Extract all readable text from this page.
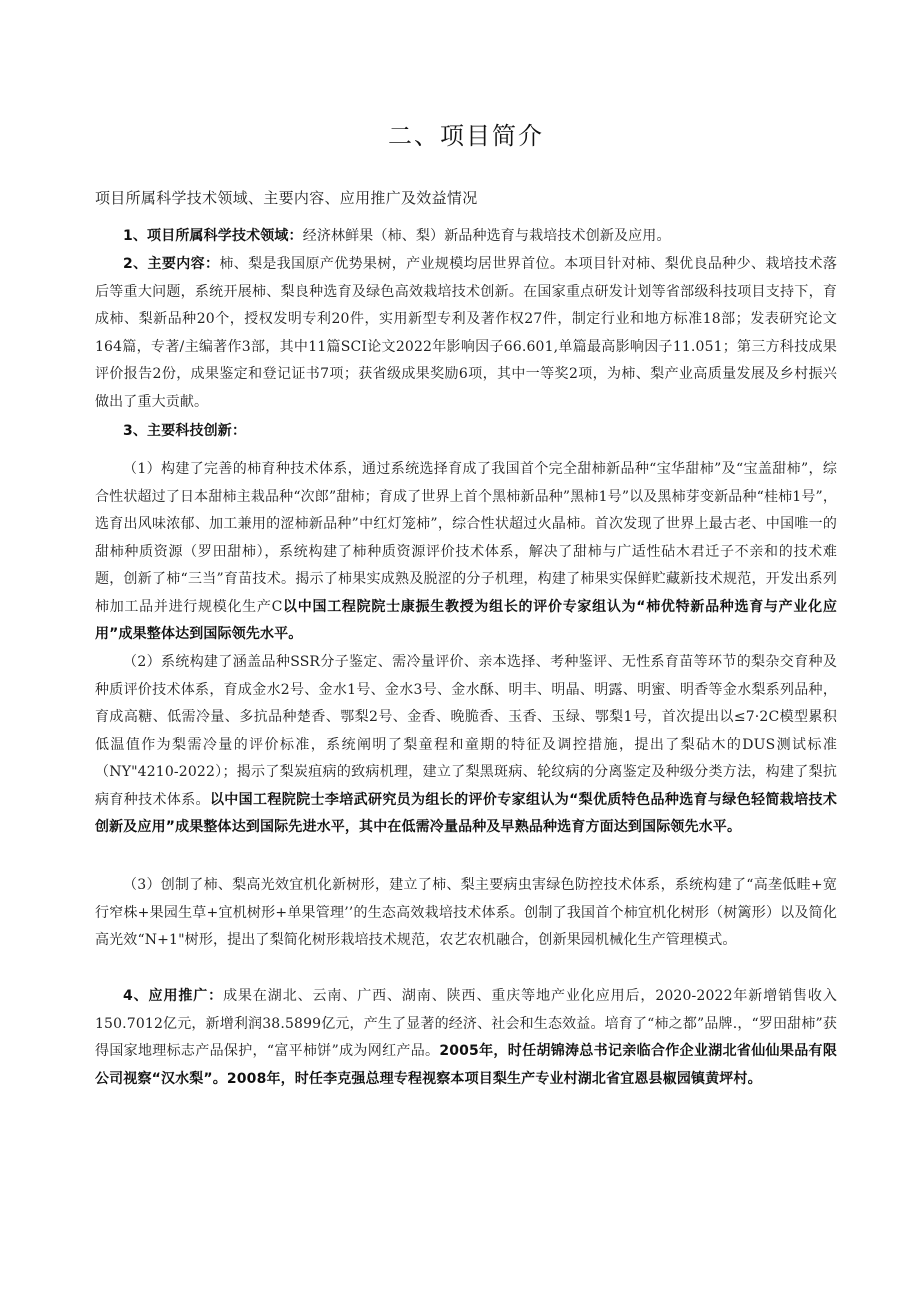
二、项目简介
项目所属科学技术领域、主要内容、应用推广及效益情况

1、项目所属科学技术领域：经济林鲜果（柿、梨）新品种选育与栽培技术创新及应用。

2、主要内容：柿、梨是我国原产优势果树，产业规模均居世界首位。本项目针对柿、梨优良品种少、栽培技术落后等重大问题，系统开展柿、梨良种选育及绿色高效栽培技术创新。在国家重点研发计划等省部级科技项目支持下，育成柿、梨新品种20个，授权发明专利20件，实用新型专利及著作权27件，制定行业和地方标准18部；发表研究论文164篇，专著/主编著作3部，其中11篇SCI论文2022年影响因子66.601,单篇最高影响因子11.051；第三方科技成果评价报告2份，成果鉴定和登记证书7项；获省级成果奖励6项，其中一等奖2项，为柿、梨产业高质量发展及乡村振兴做出了重大贡献。

3、主要科技创新：

（1）构建了完善的柿育种技术体系，通过系统选择育成了我国首个完全甜柿新品种“宝华甜柿”及“宝盖甜柿”，综合性状超过了日本甜柿主栽品种“次郎”甜柿；育成了世界上首个黑柿新品种”黑柿1号”以及黑柿芽变新品种“桂柿1号”，选育出风味浓郁、加工兼用的涩柿新品种”中红灯笼柿”，综合性状超过火晶柿。首次发现了世界上最古老、中国唯一的甜柿种质资源（罗田甜柿），系统构建了柿种质资源评价技术体系，解决了甜柿与广适性砧木君迁子不亲和的技术难题，创新了柿“三当”育苗技术。揭示了柿果实成熟及脱涩的分子机理，构建了柿果实保鲜贮藏新技术规范，开发出系列柿加工品并进行规模化生产C以中国工程院院士康振生教授为组长的评价专家组认为“柿优特新品种选育与产业化应用”成果整体达到国际领先水平。

（2）系统构建了涵盖品种SSR分子鉴定、需冷量评价、亲本选择、考种鉴评、无性系育苗等环节的梨杂交育种及种质评价技术体系，育成金水2号、金水1号、金水3号、金水酥、明丰、明晶、明露、明蜜、明香等金水梨系列品种，育成高糖、低需冷量、多抗品种楚香、鄂梨2号、金香、晚脆香、玉香、玉绿、鄂梨1号，首次提出以≤7·2C模型累积低温值作为梨需冷量的评价标准，系统阐明了梨童程和童期的特征及调控措施，提出了梨砧木的DUS测试标准（NY"4210-2022）；揭示了梨炭疽病的致病机理，建立了梨黑斑病、轮纹病的分离鉴定及种级分类方法，构建了梨抗病育种技术体系。以中国工程院院士李培武研究员为组长的评价专家组认为“梨优质特色品种选育与绿色轻简栽培技术创新及应用”成果整体达到国际先进水平，其中在低需冷量品种及早熟品种选育方面达到国际领先水平。

（3）创制了柿、梨高光效宜机化新树形，建立了柿、梨主要病虫害绿色防控技术体系，系统构建了“高垄低畦+宽行窄株+果园生草+宜机树形+单果管理’’的生态高效栽培技术体系。创制了我国首个柿宜机化树形（树篱形）以及简化高光效“N+1"树形，提出了梨简化树形栽培技术规范，农艺农机融合，创新果园机械化生产管理模式。

4、应用推广：成果在湖北、云南、广西、湖南、陕西、重庆等地产业化应用后，2020-2022年新增销售收入150.7012亿元，新增利润38.5899亿元，产生了显著的经济、社会和生态效益。培育了“柿之都”品牌.，“罗田甜柿”获得国家地理标志产品保护，“富平柿饼”成为网红产品。2005年，时任胡锦涛总书记亲临合作企业湖北省仙仙果品有限公司视察“汉水梨”。2008年，时任李克强总理专程视察本项目梨生产专业村湖北省宜恩县椒园镇黄坪村。
